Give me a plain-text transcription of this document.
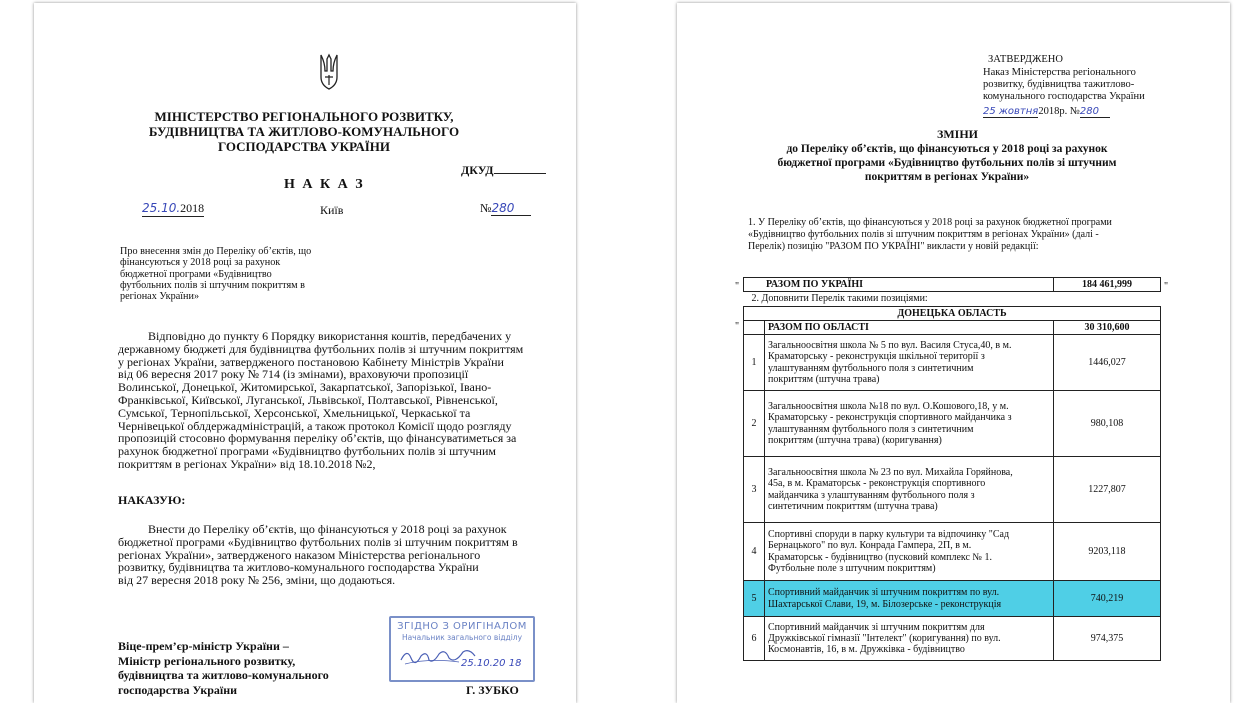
МІНІСТЕРСТВО РЕГІОНАЛЬНОГО РОЗВИТКУ,
БУДІВНИЦТВА ТА ЖИТЛОВО-КОМУНАЛЬНОГО
ГОСПОДАРСТВА УКРАЇНИ
ДКУД
Н А К А З
25.10.2018	Київ	№280
Про внесення змін до Переліку об’єктів, що
фінансуються у 2018 році за рахунок
бюджетної програми «Будівництво
футбольних полів зі штучним покриттям в
регіонах України»
Відповідно до пункту 6 Порядку використання коштів, передбачених у
державному бюджеті для будівництва футбольних полів зі штучним покриттям
у регіонах України, затвердженого постановою Кабінету Міністрів України
від 06 вересня 2017 року № 714 (із змінами), враховуючи пропозиції
Волинської, Донецької, Житомирської, Закарпатської, Запорізької, Івано-
Франківської, Київської, Луганської, Львівської, Полтавської, Рівненської,
Сумської, Тернопільської, Херсонської, Хмельницької, Черкаської та
Чернівецької облдержадміністрацій, а також протокол Комісії щодо розгляду
пропозицій стосовно формування переліку об’єктів, що фінансуватиметься за
рахунок бюджетної програми «Будівництво футбольних полів зі штучним
покриттям в регіонах України» від 18.10.2018 №2,
НАКАЗУЮ:
Внести до Переліку об’єктів, що фінансуються у 2018 році за рахунок
бюджетної програми «Будівництво футбольних полів зі штучним покриттям в
регіонах України», затвердженого наказом Міністерства регіонального
розвитку, будівництва та житлово-комунального господарства України
від 27 вересня 2018 року № 256, зміни, що додаються.
Віце-прем’єр-міністр України –
Міністр регіонального розвитку,
будівництва та житлово-комунального
господарства України	Г. ЗУБКО
ЗГІДНО З ОРИГІНАЛОМ
Начальник загального відділу
25.10.20 18
ЗАТВЕРДЖЕНО
Наказ Міністерства регіонального
розвитку, будівництва тажитлово-
комунального господарства України
25 жовтня2018р. №280
ЗМІНИ
до Переліку об’єктів, що фінансуються у 2018 році за рахунок
бюджетної програми «Будівництво футбольних полів зі штучним
покриттям в регіонах України»
1. У Переліку об’єктів, що фінансуються у 2018 році за рахунок бюджетної програми
«Будівництво футбольних полів зі штучним покриттям в регіонах України» (далі -
Перелік) позицію "РАЗОМ ПО УКРАЇНІ" викласти у новій редакції:
"	"
"
РАЗОМ ПО УКРАЇНІ		184 461,999
2. Доповнити Перелік такими позиціями:		
ДОНЕЦЬКА ОБЛАСТЬ		
	РАЗОМ ПО ОБЛАСТІ	30 310,600
1	Загальноосвітня школа № 5 по вул. Василя Стуса,40, в м.
Краматорську - реконструкція шкільної території з
улаштуванням футбольного поля з синтетичним
покриттям (штучна трава)	1446,027
2	Загальноосвітня школа №18 по вул. О.Кошового,18, у м.
Краматорську - реконструкція спортивного майданчика з
улаштуванням футбольного поля з синтетичним
покриттям (штучна трава) (коригування)	980,108
3	Загальноосвітня школа № 23 по вул. Михайла Горяйнова,
45а, в м. Краматорськ - реконструкція спортивного
майданчика з улаштуванням футбольного поля з
синтетичним покриттям (штучна трава)	1227,807
4	Спортивні споруди в парку культури та відпочинку "Сад
Бернацького" по вул. Конрада Гампера, 2П, в м.
Краматорськ - будівництво (пусковий комплекс № 1.
Футбольне поле з штучним покриттям)	9203,118
5	Спортивний майданчик зі штучним покриттям по вул.
Шахтарської Слави, 19, м. Білозерське - реконструкція	740,219
6	Спортивний майданчик зі штучним покриттям для
Дружківської гімназії "Інтелект" (коригування) по вул.
Космонавтів, 16, в м. Дружківка - будівництво	974,375
